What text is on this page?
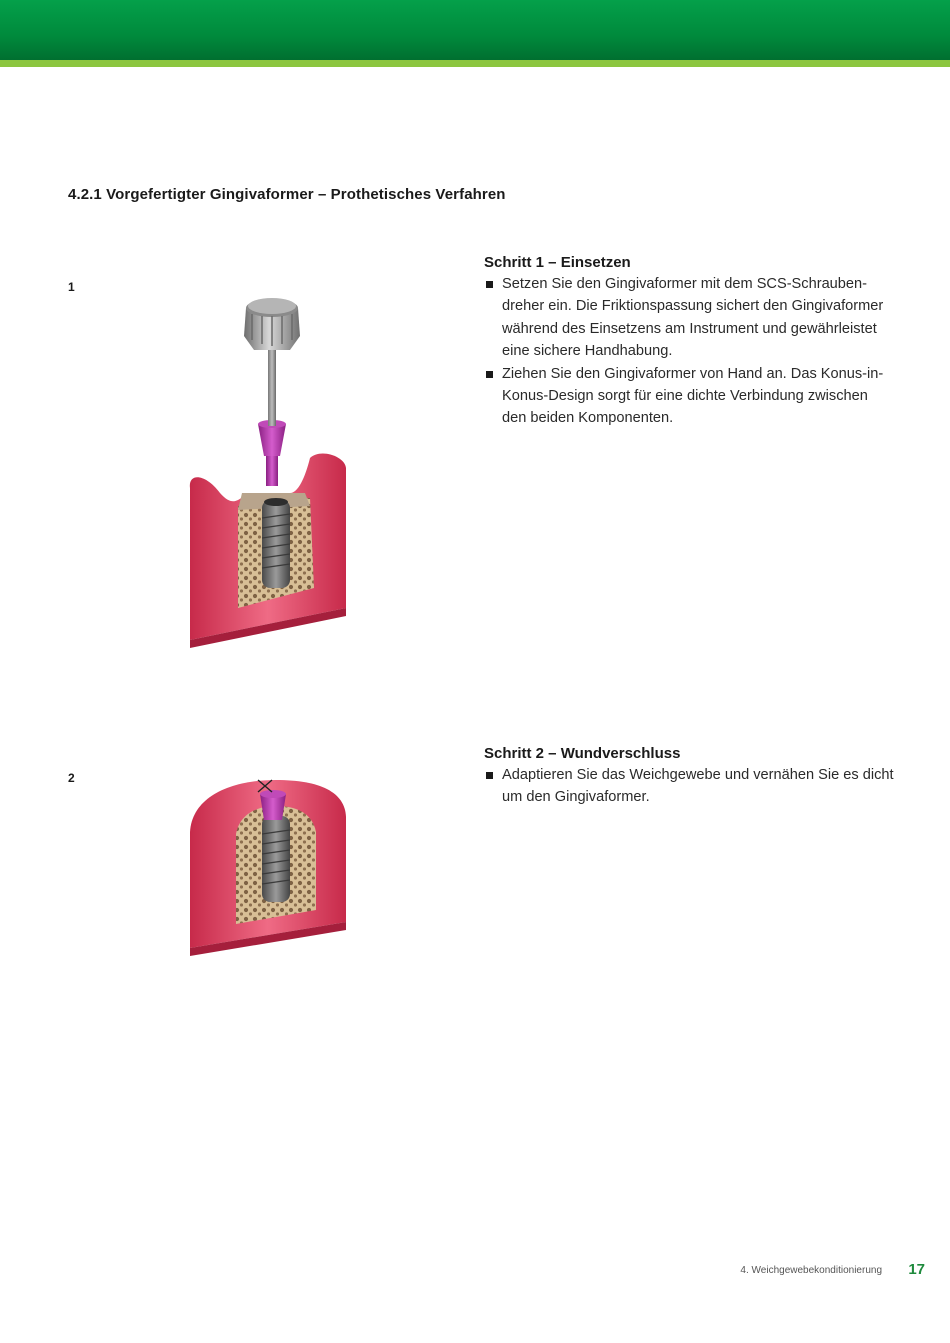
4.2.1 Vorgefertigter Gingivaformer – Prothetisches Verfahren
1
Schritt 1 – Einsetzen
Setzen Sie den Gingivaformer mit dem SCS-Schrauben-dreher ein. Die Friktionspassung sichert den Gingivaformer während des Einsetzens am Instrument und gewährleistet eine sichere Handhabung.
Ziehen Sie den Gingivaformer von Hand an. Das Konus-in-Konus-Design sorgt für eine dichte Verbindung zwischen den beiden Komponenten.
2
Schritt 2 – Wundverschluss
Adaptieren Sie das Weichgewebe und vernähen Sie es dicht um den Gingivaformer.
4. Weichgewebekonditionierung 17
